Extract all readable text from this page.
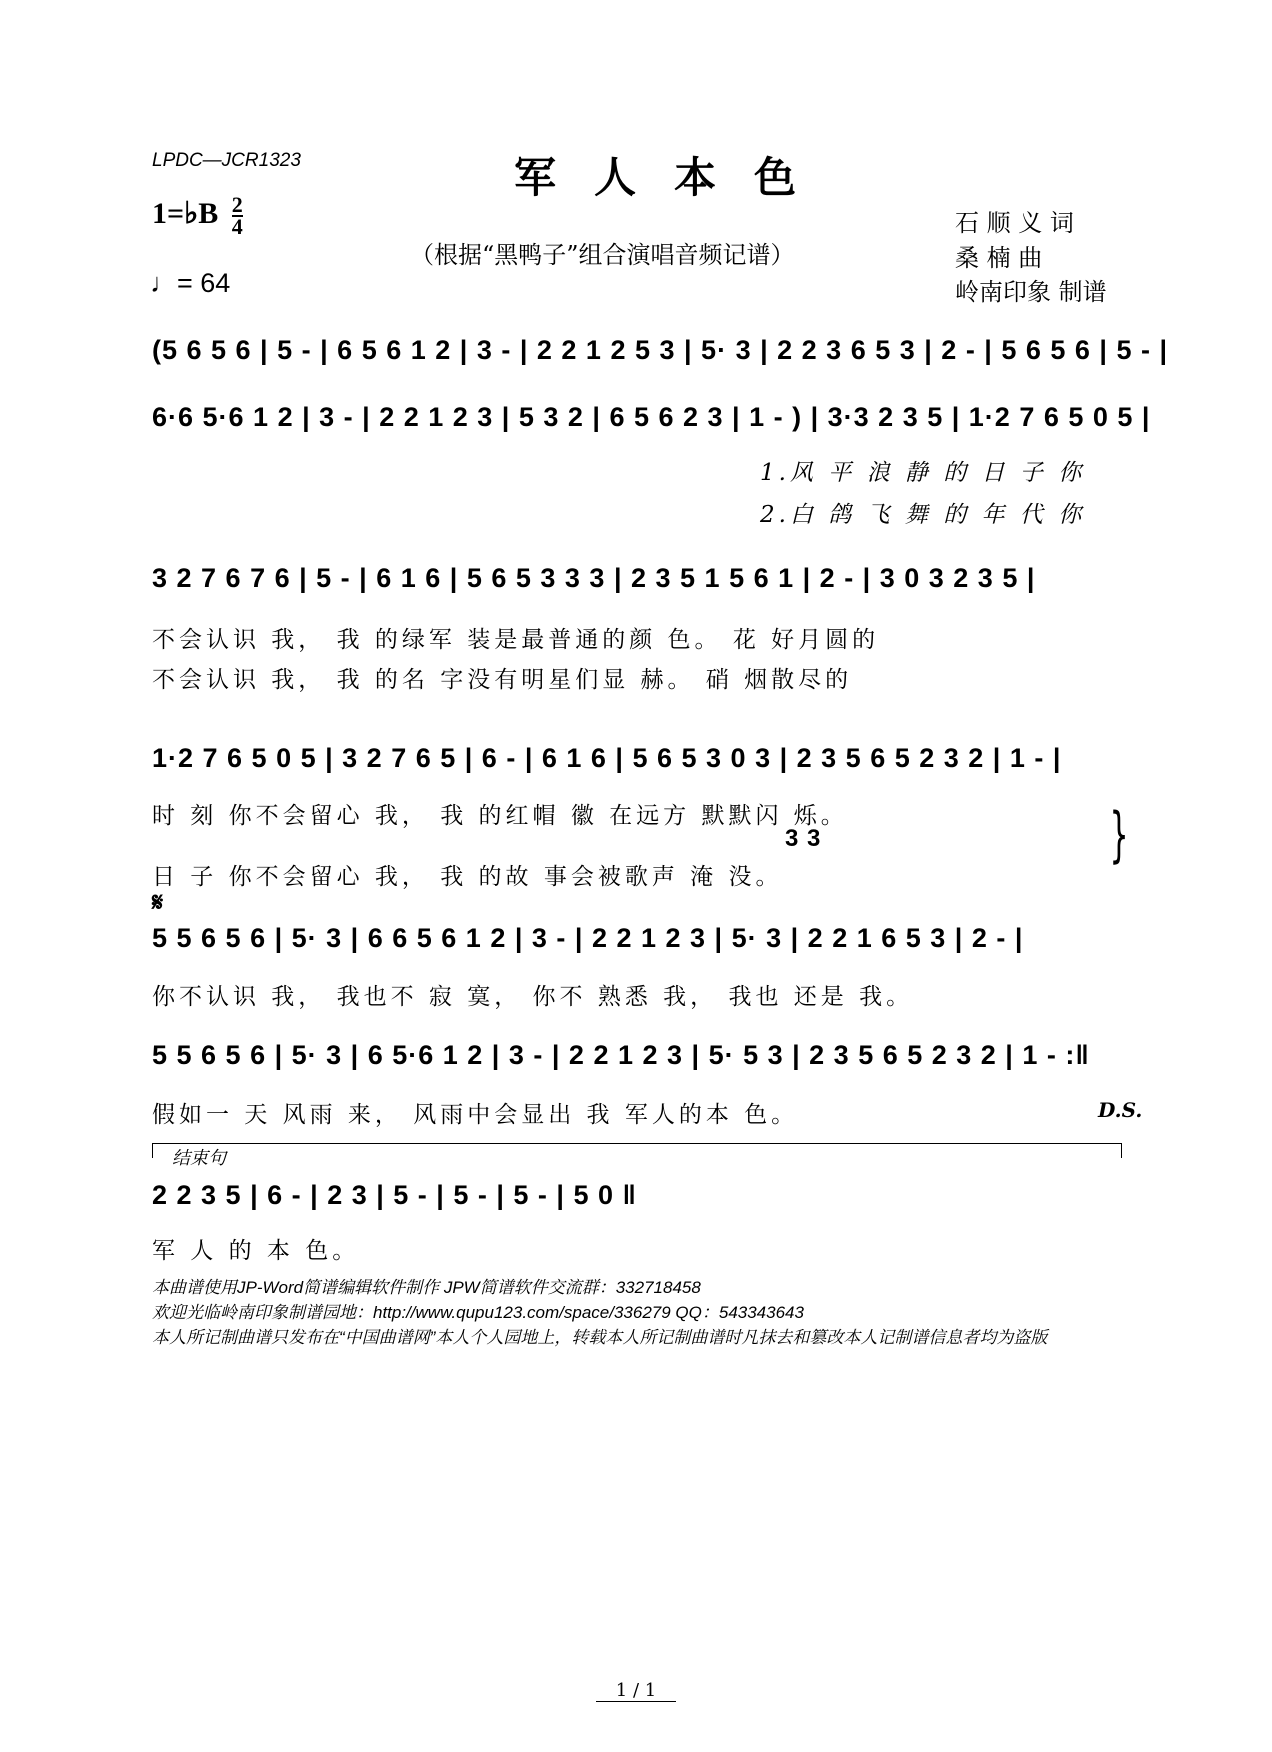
LPDC—JCR1323	军人本色
1=♭B $\frac{2}{4}$
（根据“黑鸭子”组合演唱音频记谱）
♩= 64
石 顺 义 词
桑 楠 曲
岭南印象 制谱
(5 6 5 6 | 5 - | 6 5 6 1 2 | 3 - | 2 2 1 2 5 3 | 5· 3 | 2 2 3 6 5 3 | 2 - | 5 6 5 6 | 5 - |
6·6 5·6 1 2 | 3 - | 2 2 1 2 3 | 5 3 2 | 6 5 6 2 3 | 1 - ) | 3·3 2 3 5 | 1·2 7 6 5 0 5 |
1.风 平 浪 静 的 日 子 你
2.白 鸽 飞 舞 的 年 代 你
3 2 7 6 7 6 | 5 - | 6 1 6 | 5 6 5 3 3 3 | 2 3 5 1 5 6 1 | 2 - | 3 0 3 2 3 5 |
不会认识 我， 我 的绿军 装是最普通的颜 色。 花 好月圆的
不会认识 我， 我 的名 字没有明星们显 赫。 硝 烟散尽的
1·2 7 6 5 0 5 | 3 2 7 6 5 | 6 - | 6 1 6 | 5 6 5 3 0 3 | 2 3 5 6 5 2 3 2 | 1 - |
时 刻 你不会留心 我， 我 的红帽 徽 在远方 默默闪 烁。
3 3
日 子 你不会留心 我， 我 的故 事会被歌声 淹 没。
}
𝄋
5 5 6 5 6 | 5· 3 | 6 6 5 6 1 2 | 3 - | 2 2 1 2 3 | 5· 3 | 2 2 1 6 5 3 | 2 - |
你不认识 我， 我也不 寂 寞， 你不 熟悉 我， 我也 还是 我。
5 5 6 5 6 | 5· 3 | 6 5·6 1 2 | 3 - | 2 2 1 2 3 | 5· 5 3 | 2 3 5 6 5 2 3 2 | 1 - :‖
假如一 天 风雨 来， 风雨中会显出 我 军人的本 色。	D.S.
结束句
2 2 3 5 | 6 - | 2 3 | 5 - | 5 - | 5 - | 5 0 ‖
军 人 的 本 色。
本曲谱使用JP-Word简谱编辑软件制作 JPW简谱软件交流群：332718458
欢迎光临岭南印象制谱园地：http://www.qupu123.com/space/336279 QQ：543343643
本人所记制曲谱只发布在“中国曲谱网”本人个人园地上，转载本人所记制曲谱时凡抹去和篡改本人记制谱信息者均为盗版
1 / 1
